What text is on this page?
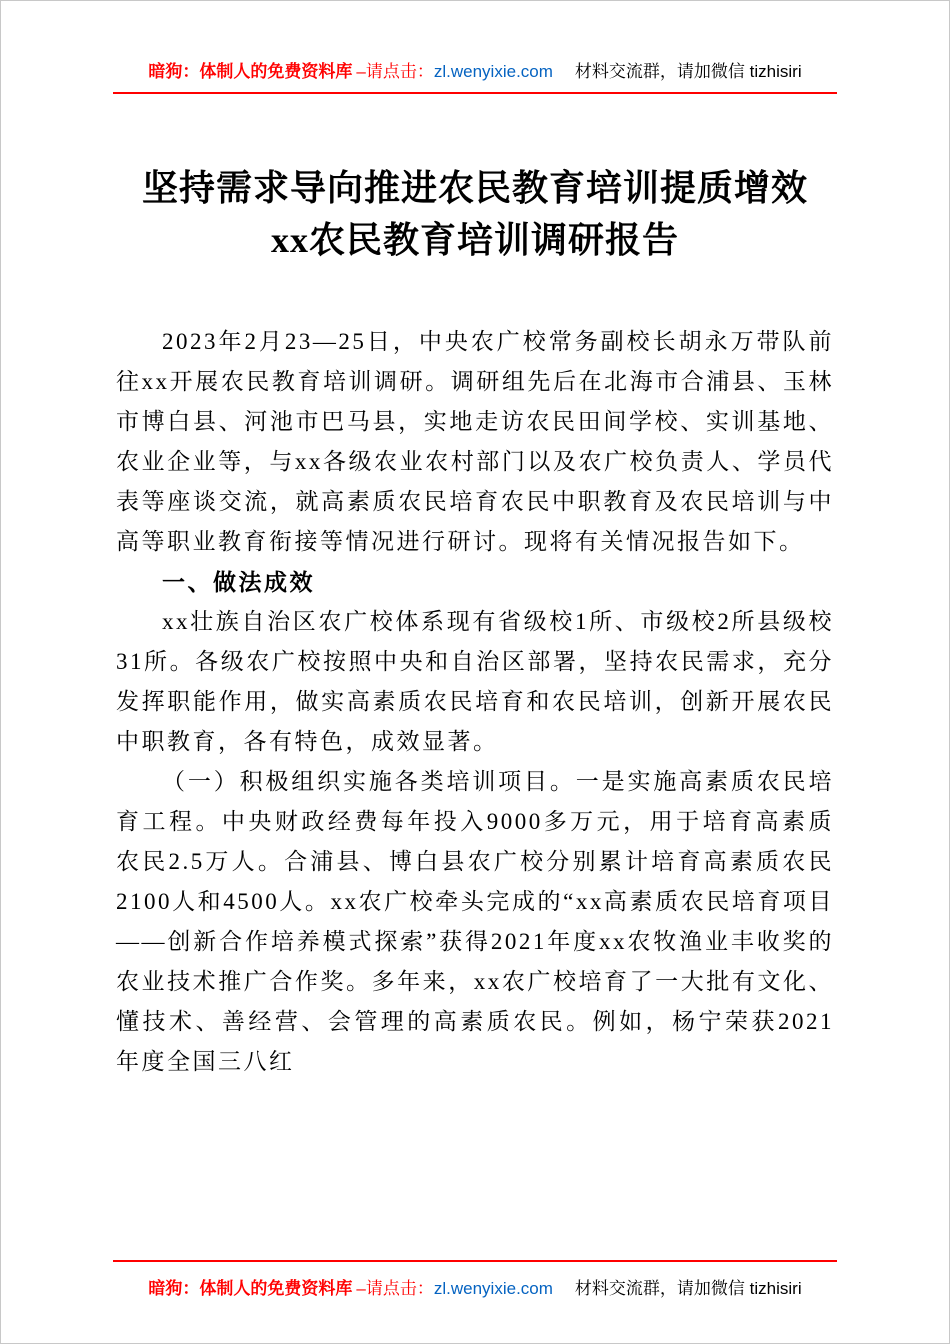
暗狗：体制人的免费资料库 –请点击： zl.wenyixie.com 材料交流群，请加微信 tizhisiri
坚持需求导向推进农民教育培训提质增效
xx农民教育培训调研报告

2023年2月23—25日，中央农广校常务副校长胡永万带队前往xx开展农民教育培训调研。调研组先后在北海市合浦县、玉林市博白县、河池市巴马县，实地走访农民田间学校、实训基地、农业企业等，与xx各级农业农村部门以及农广校负责人、学员代表等座谈交流，就高素质农民培育农民中职教育及农民培训与中高等职业教育衔接等情况进行研讨。现将有关情况报告如下。

一、做法成效

xx壮族自治区农广校体系现有省级校1所、市级校2所县级校31所。各级农广校按照中央和自治区部署，坚持农民需求，充分发挥职能作用，做实高素质农民培育和农民培训，创新开展农民中职教育，各有特色，成效显著。

（一）积极组织实施各类培训项目。一是实施高素质农民培育工程。中央财政经费每年投入9000多万元，用于培育高素质农民2.5万人。合浦县、博白县农广校分别累计培育高素质农民2100人和4500人。xx农广校牵头完成的“xx高素质农民培育项目——创新合作培养模式探索”获得2021年度xx农牧渔业丰收奖的农业技术推广合作奖。多年来，xx农广校培育了一大批有文化、懂技术、善经营、会管理的高素质农民。例如，杨宁荣获2021年度全国三八红

暗狗：体制人的免费资料库 –请点击： zl.wenyixie.com 材料交流群，请加微信 tizhisiri
